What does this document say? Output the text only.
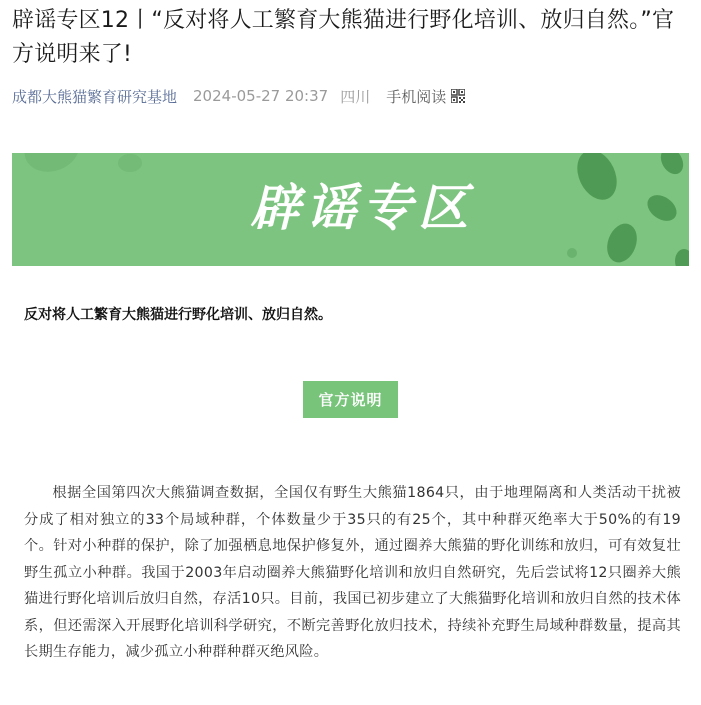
辟谣专区12丨“反对将人工繁育大熊猫进行野化培训、放归自然。”官方说明来了!
成都大熊猫繁育研究基地 2024-05-27 20:37 四川 手机阅读
辟谣专区

反对将人工繁育大熊猫进行野化培训、放归自然。

官方说明

根据全国第四次大熊猫调查数据，全国仅有野生大熊猫1864只，由于地理隔离和人类活动干扰被分成了相对独立的33个局域种群，个体数量少于35只的有25个，其中种群灭绝率大于50%的有19个。针对小种群的保护，除了加强栖息地保护修复外，通过圈养大熊猫的野化训练和放归，可有效复壮野生孤立小种群。我国于2003年启动圈养大熊猫野化培训和放归自然研究，先后尝试将12只圈养大熊猫进行野化培训后放归自然，存活10只。目前，我国已初步建立了大熊猫野化培训和放归自然的技术体系，但还需深入开展野化培训科学研究，不断完善野化放归技术，持续补充野生局域种群数量，提高其长期生存能力，减少孤立小种群种群灭绝风险。
